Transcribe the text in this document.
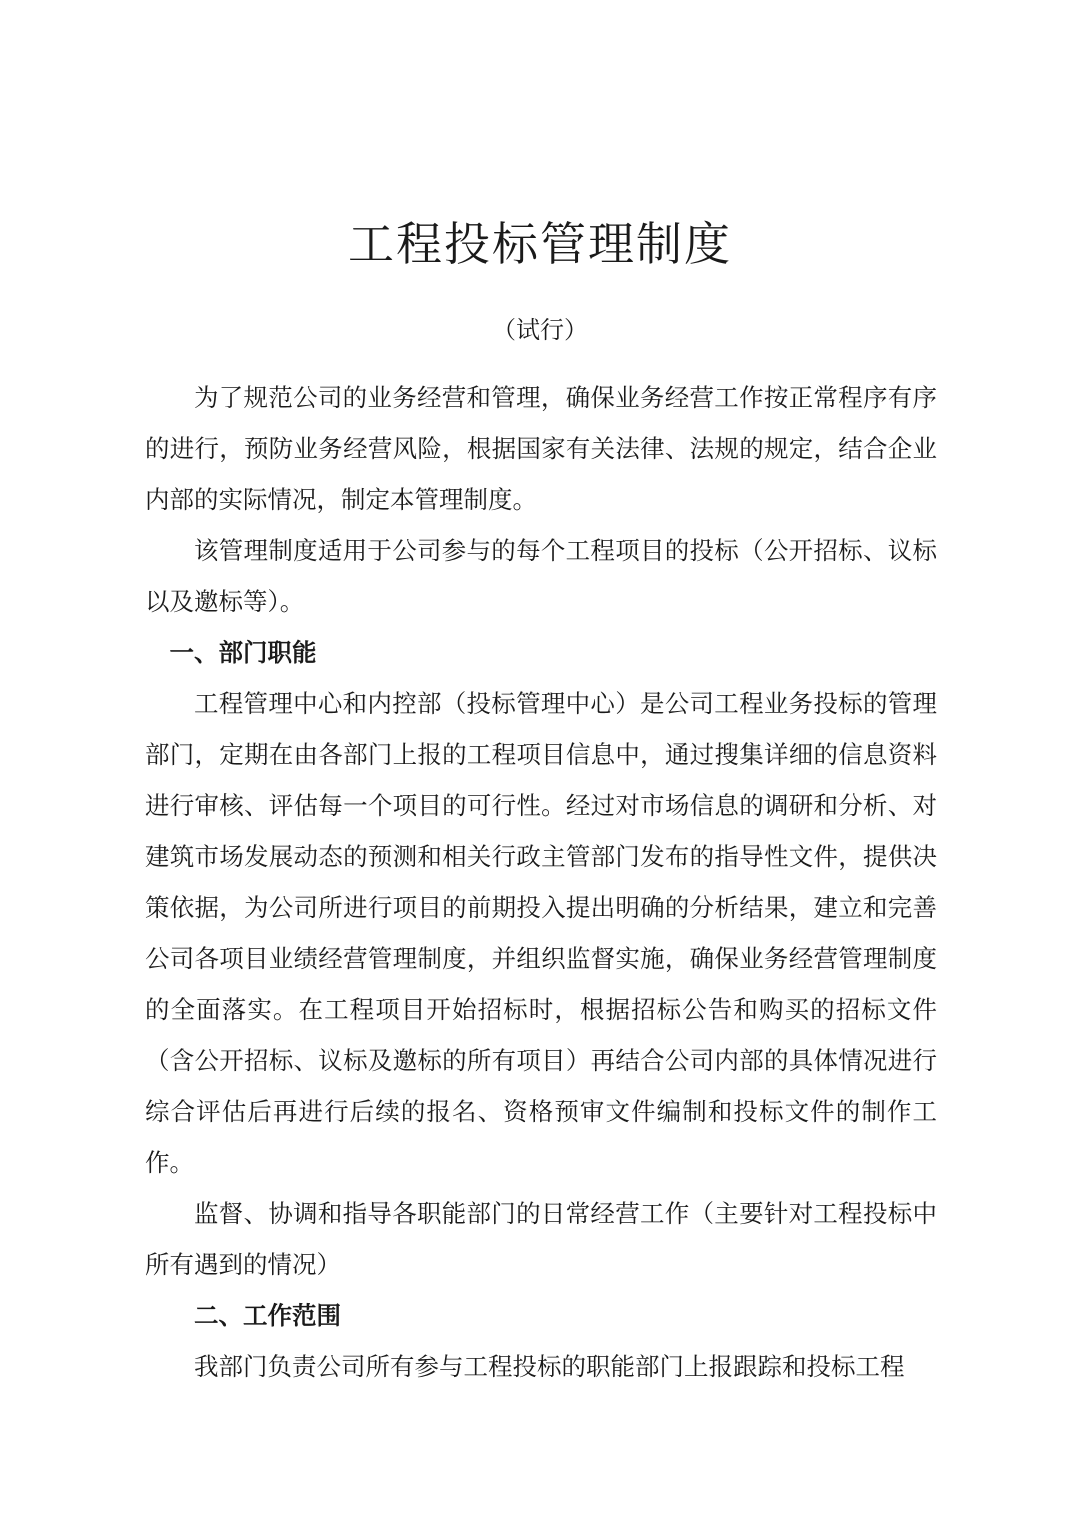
工程投标管理制度

（试行）

为了规范公司的业务经营和管理，确保业务经营工作按正常程序有序的进行，预防业务经营风险，根据国家有关法律、法规的规定，结合企业内部的实际情况，制定本管理制度。

该管理制度适用于公司参与的每个工程项目的投标（公开招标、议标以及邀标等）。

一、部门职能

工程管理中心和内控部（投标管理中心）是公司工程业务投标的管理部门，定期在由各部门上报的工程项目信息中，通过搜集详细的信息资料进行审核、评估每一个项目的可行性。经过对市场信息的调研和分析、对建筑市场发展动态的预测和相关行政主管部门发布的指导性文件，提供决策依据，为公司所进行项目的前期投入提出明确的分析结果，建立和完善公司各项目业绩经营管理制度，并组织监督实施，确保业务经营管理制度的全面落实。在工程项目开始招标时，根据招标公告和购买的招标文件（含公开招标、议标及邀标的所有项目）再结合公司内部的具体情况进行综合评估后再进行后续的报名、资格预审文件编制和投标文件的制作工作。

监督、协调和指导各职能部门的日常经营工作（主要针对工程投标中所有遇到的情况）

二、工作范围

我部门负责公司所有参与工程投标的职能部门上报跟踪和投标工程
